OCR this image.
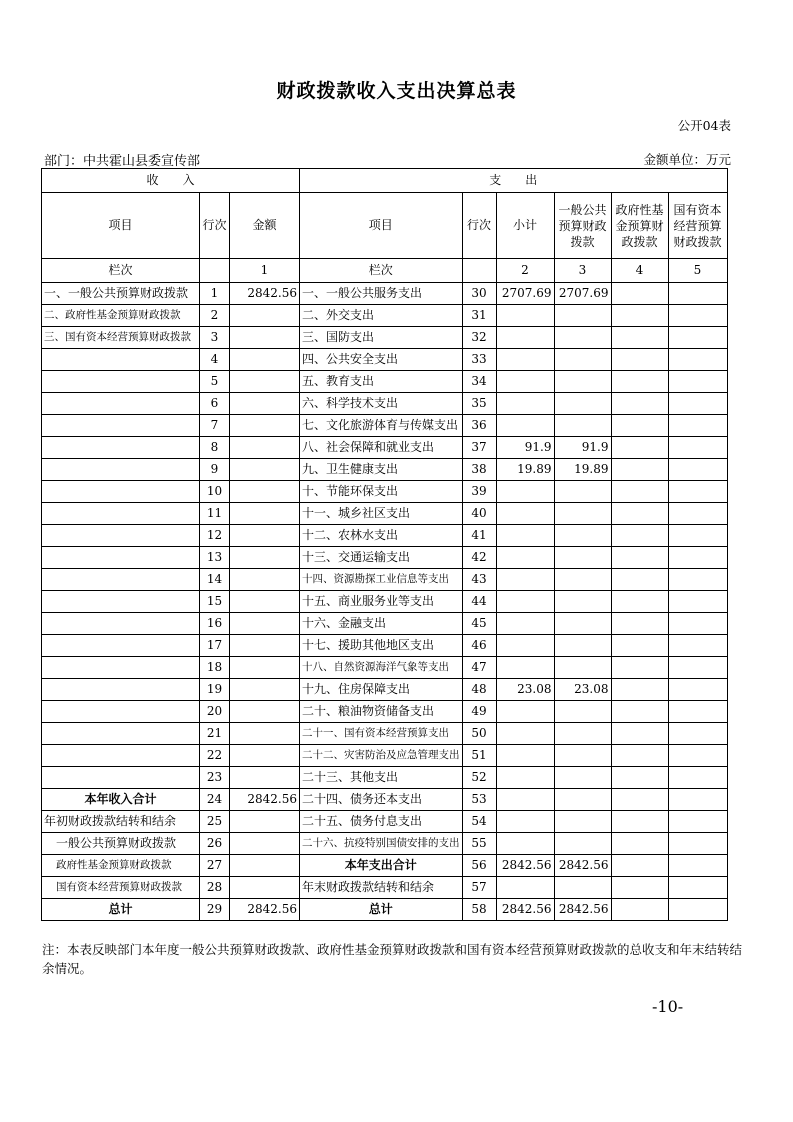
财政拨款收入支出决算总表
公开04表
部门：中共霍山县委宣传部	金额单位：万元
收　　入			支　　出					
项目	行次	金额	项目	行次	小计	一般公共预算财政拨款	政府性基金预算财政拨款	国有资本经营预算财政拨款
栏次		1	栏次		2	3	4	5
一、一般公共预算财政拨款	1	2842.56	一、一般公共服务支出	30	2707.69	2707.69		
二、政府性基金预算财政拨款	2		二、外交支出	31				
三、国有资本经营预算财政拨款	3		三、国防支出	32				
	4		四、公共安全支出	33				
	5		五、教育支出	34				
	6		六、科学技术支出	35				
	7		七、文化旅游体育与传媒支出	36				
	8		八、社会保障和就业支出	37	91.9	91.9		
	9		九、卫生健康支出	38	19.89	19.89		
	10		十、节能环保支出	39				
	11		十一、城乡社区支出	40				
	12		十二、农林水支出	41				
	13		十三、交通运输支出	42				
	14		十四、资源勘探工业信息等支出	43				
	15		十五、商业服务业等支出	44				
	16		十六、金融支出	45				
	17		十七、援助其他地区支出	46				
	18		十八、自然资源海洋气象等支出	47				
	19		十九、住房保障支出	48	23.08	23.08		
	20		二十、粮油物资储备支出	49				
	21		二十一、国有资本经营预算支出	50				
	22		二十二、灾害防治及应急管理支出	51				
	23		二十三、其他支出	52				
本年收入合计	24	2842.56	二十四、债务还本支出	53				
年初财政拨款结转和结余	25		二十五、债务付息支出	54				
一般公共预算财政拨款	26		二十六、抗疫特别国债安排的支出	55				
政府性基金预算财政拨款	27		本年支出合计	56	2842.56	2842.56		
国有资本经营预算财政拨款	28		年末财政拨款结转和结余	57				
总计	29	2842.56	总计	58	2842.56	2842.56		
注：本表反映部门本年度一般公共预算财政拨款、政府性基金预算财政拨款和国有资本经营预算财政拨款的总收支和年末结转结余情况。
-10-
